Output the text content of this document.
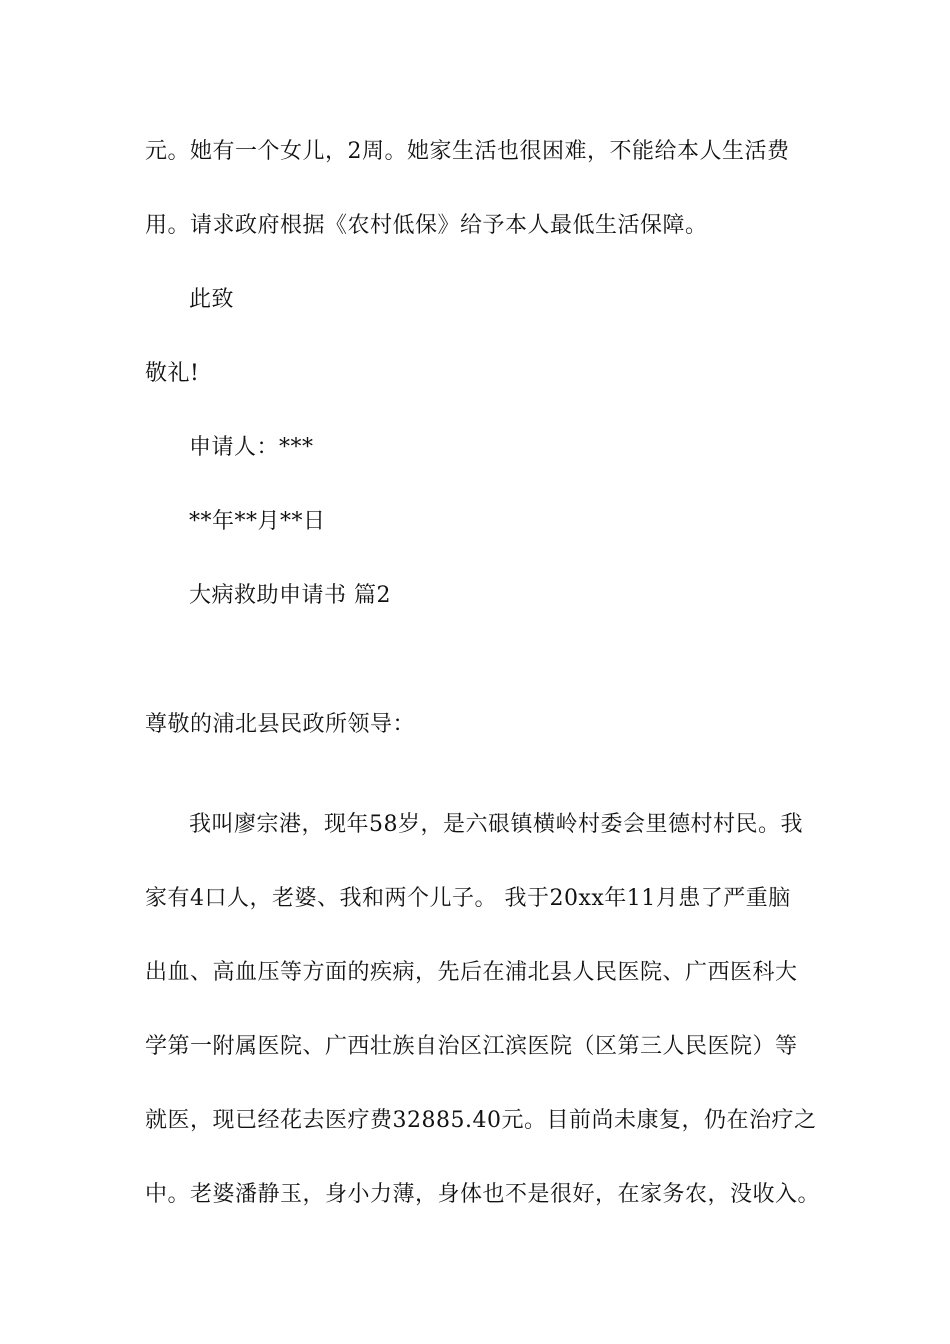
元。她有一个女儿，2周。她家生活也很困难，不能给本人生活费
用。请求政府根据《农村低保》给予本人最低生活保障。
此致
敬礼!
申请人：***
**年**月**日
大病救助申请书 篇2
尊敬的浦北县民政所领导：
我叫廖宗港，现年58岁，是六硍镇横岭村委会里德村村民。我
家有4口人，老婆、我和两个儿子。 我于20xx年11月患了严重脑
出血、高血压等方面的疾病，先后在浦北县人民医院、广西医科大
学第一附属医院、广西壮族自治区江滨医院（区第三人民医院）等
就医，现已经花去医疗费32885.40元。目前尚未康复，仍在治疗之
中。老婆潘静玉，身小力薄，身体也不是很好，在家务农，没收入。
